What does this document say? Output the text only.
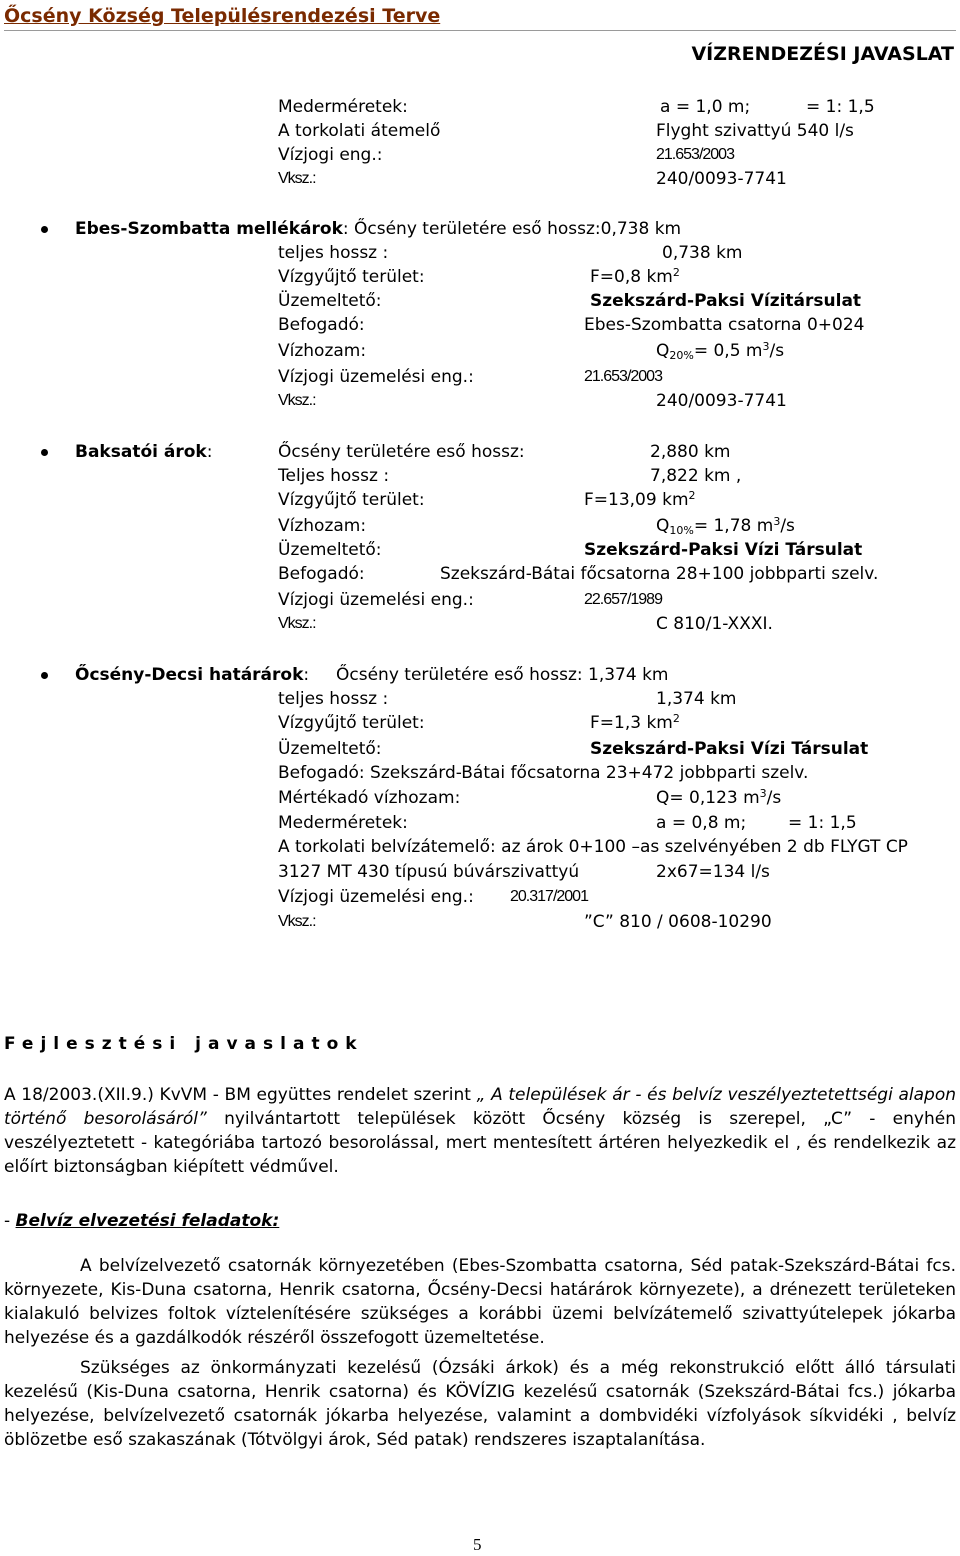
Őcsény Község Településrendezési Terve
VÍZRENDEZÉSI JAVASLAT
Mederméretek:	a = 1,0 m;	= 1: 1,5
A torkolati átemelő	Flyght szivattyú 540 l/s
Vízjogi eng.:	21.653/2003
Vksz.:	240/0093-7741
Ebes-Szombatta mellékárok: Őcsény területére eső hossz:0,738 km
teljes hossz :	0,738 km
Vízgyűjtő terület:	F=0,8 $km^2$
Üzemeltető:	Szekszárd-Paksi Vízitársulat
Befogadó:	Ebes-Szombatta csatorna 0+024
Vízhozam:	$Q_{20\%}= 0,5$ $m^3/s$
Vízjogi üzemelési eng.:	21.653/2003
Vksz.:	240/0093-7741
Baksatói árok:	Őcsény területére eső hossz:	2,880 km
Teljes hossz :	7,822 km ,
Vízgyűjtő terület:	F=13,09 $km^2$
Vízhozam:	$Q_{10\%}= 1,78$ $m^3/s$
Üzemeltető:	Szekszárd-Paksi Vízi Társulat
Befogadó:	Szekszárd-Bátai főcsatorna 28+100 jobbparti szelv.
Vízjogi üzemelési eng.:	22.657/1989
Vksz.:	C 810/1-XXXI.
Őcsény-Decsi határárok: Őcsény területére eső hossz: 1,374 km
teljes hossz :	1,374 km
Vízgyűjtő terület:	F=1,3 $km^2$
Üzemeltető:	Szekszárd-Paksi Vízi Társulat
Befogadó: Szekszárd-Bátai főcsatorna 23+472 jobbparti szelv.
Mértékadó vízhozam:	Q= 0,123 $m^3/s$
Mederméretek:	a = 0,8 m; = 1: 1,5
A torkolati belvízátemelő: az árok 0+100 –as szelvényében 2 db FLYGT CP
3127 MT 430 típusú búvárszivattyú	2x67=134 l/s
Vízjogi üzemelési eng.: 20.317/2001
Vksz.:	”C” 810 / 0608-10290
Fejlesztési javaslatok
A 18/2003.(XII.9.) KvVM - BM együttes rendelet szerint „ A települések ár - és belvíz veszélyeztetettségi alapon történő besorolásáról” nyilvántartott települések között Őcsény község is szerepel, „C” - enyhén veszélyeztetett - kategóriába tartozó besorolással, mert mentesített ártéren helyezkedik el , és rendelkezik az előírt biztonságban kiépített védművel.
- Belvíz elvezetési feladatok:
A belvízelvezető csatornák környezetében (Ebes-Szombatta csatorna, Séd patak-Szekszárd-Bátai fcs. környezete, Kis-Duna csatorna, Henrik csatorna, Őcsény-Decsi határárok környezete), a drénezett területeken kialakuló belvizes foltok víztelenítésére szükséges a korábbi üzemi belvízátemelő szivattyútelepek jókarba helyezése és a gazdálkodók részéről összefogott üzemeltetése.
Szükséges az önkormányzati kezelésű (Ózsáki árkok) és a még rekonstrukció előtt álló társulati kezelésű (Kis-Duna csatorna, Henrik csatorna) és KÖVÍZIG kezelésű csatornák (Szekszárd-Bátai fcs.) jókarba helyezése, belvízelvezető csatornák jókarba helyezése, valamint a dombvidéki vízfolyások síkvidéki , belvíz öblözetbe eső szakaszának (Tótvölgyi árok, Séd patak) rendszeres iszaptalanítása.
5
